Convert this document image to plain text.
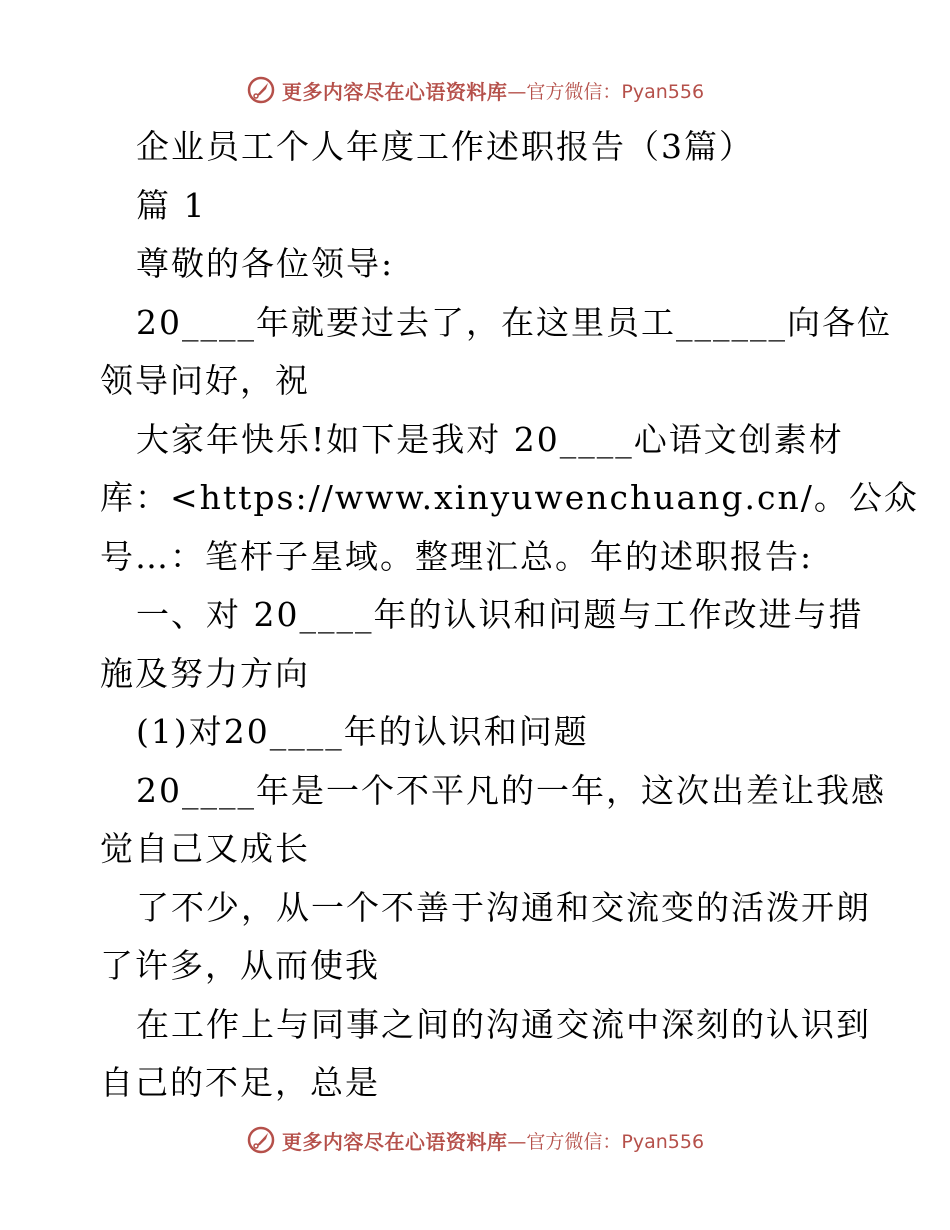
更多内容尽在心语资料库 —官方微信：Pyan556
企业员工个人年度工作述职报告（3篇）
篇 1
尊敬的各位领导:
20____年就要过去了，在这里员工______向各位
领导问好，祝
大家年快乐!如下是我对 20____心语文创素材
库：<https://www.xinyuwenchuang.cn/。公众
号…：笔杆子星域。整理汇总。年的述职报告:
一、对 20____年的认识和问题与工作改进与措
施及努力方向
(1)对20____年的认识和问题
20____年是一个不平凡的一年，这次出差让我感
觉自己又成长
了不少，从一个不善于沟通和交流变的活泼开朗
了许多，从而使我
在工作上与同事之间的沟通交流中深刻的认识到
自己的不足，总是
更多内容尽在心语资料库 —官方微信：Pyan556
